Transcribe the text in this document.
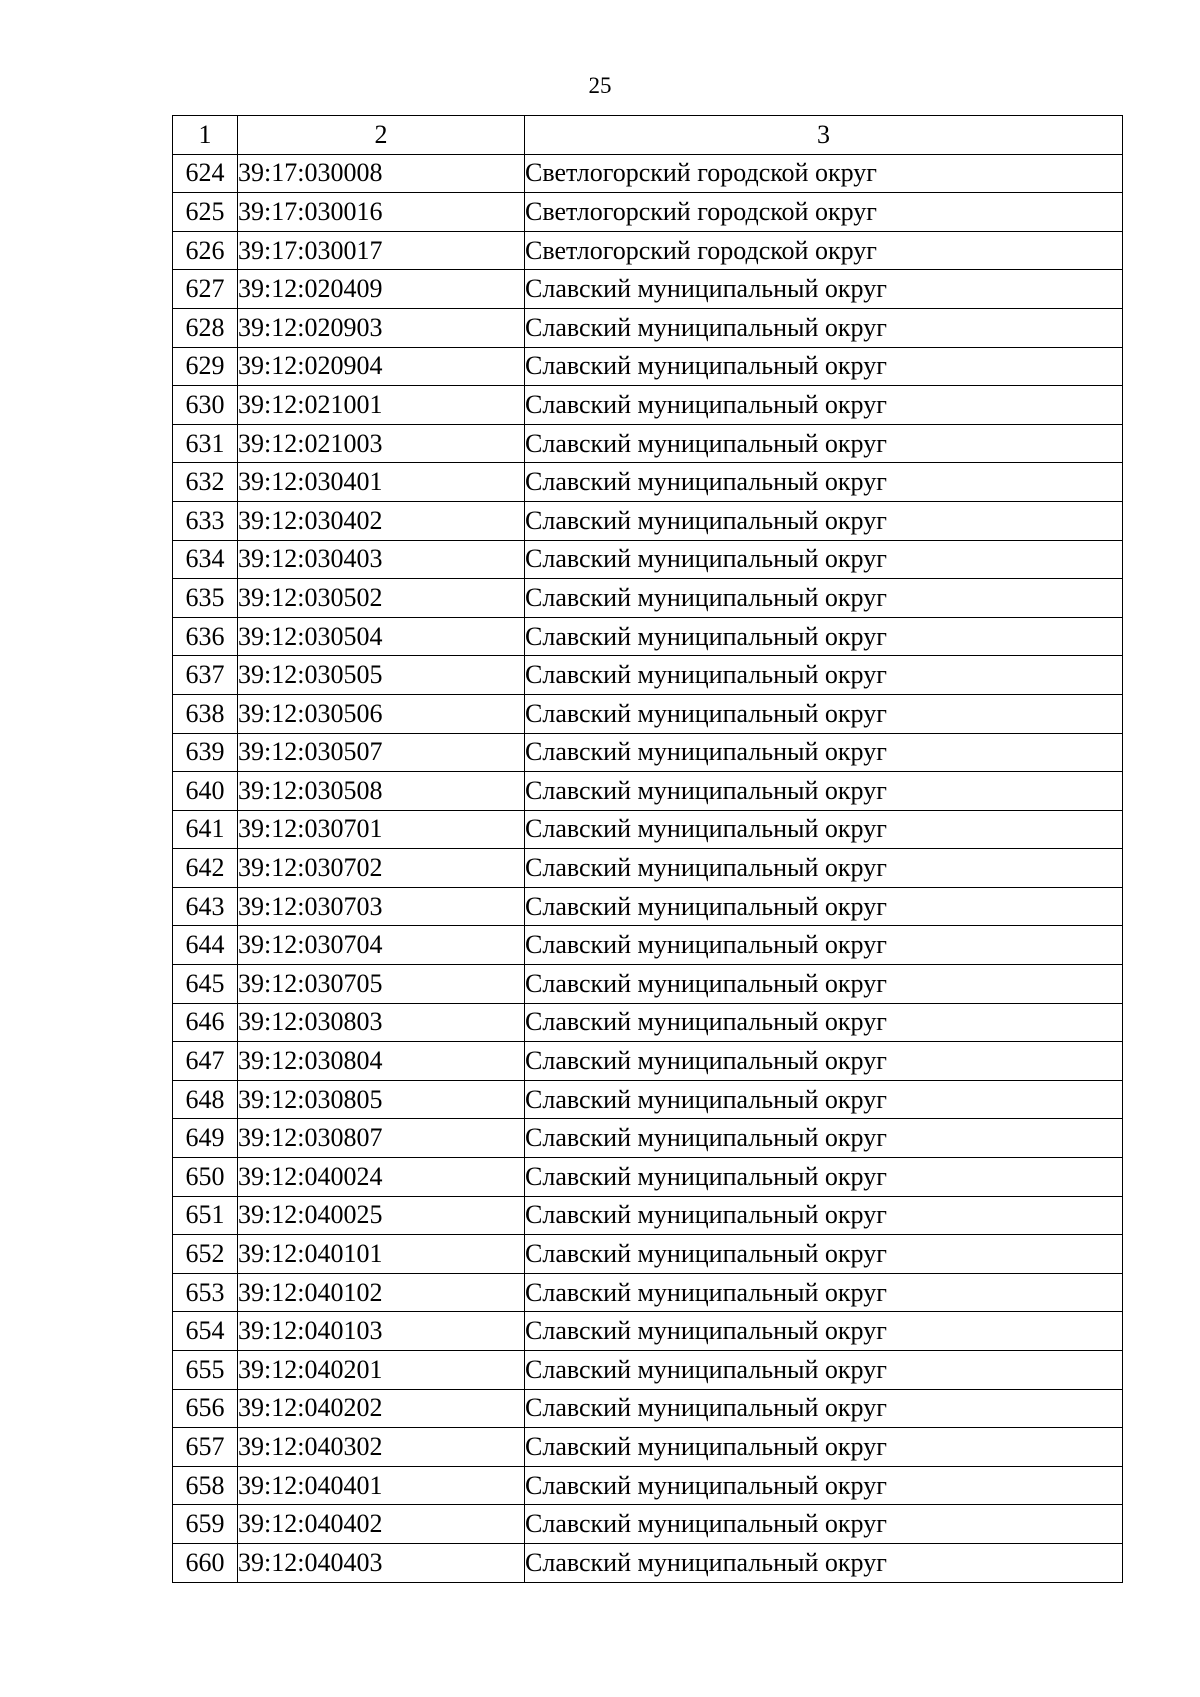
25
1	2	3
624	39:17:030008	Светлогорский городской округ
625	39:17:030016	Светлогорский городской округ
626	39:17:030017	Светлогорский городской округ
627	39:12:020409	Славский муниципальный округ
628	39:12:020903	Славский муниципальный округ
629	39:12:020904	Славский муниципальный округ
630	39:12:021001	Славский муниципальный округ
631	39:12:021003	Славский муниципальный округ
632	39:12:030401	Славский муниципальный округ
633	39:12:030402	Славский муниципальный округ
634	39:12:030403	Славский муниципальный округ
635	39:12:030502	Славский муниципальный округ
636	39:12:030504	Славский муниципальный округ
637	39:12:030505	Славский муниципальный округ
638	39:12:030506	Славский муниципальный округ
639	39:12:030507	Славский муниципальный округ
640	39:12:030508	Славский муниципальный округ
641	39:12:030701	Славский муниципальный округ
642	39:12:030702	Славский муниципальный округ
643	39:12:030703	Славский муниципальный округ
644	39:12:030704	Славский муниципальный округ
645	39:12:030705	Славский муниципальный округ
646	39:12:030803	Славский муниципальный округ
647	39:12:030804	Славский муниципальный округ
648	39:12:030805	Славский муниципальный округ
649	39:12:030807	Славский муниципальный округ
650	39:12:040024	Славский муниципальный округ
651	39:12:040025	Славский муниципальный округ
652	39:12:040101	Славский муниципальный округ
653	39:12:040102	Славский муниципальный округ
654	39:12:040103	Славский муниципальный округ
655	39:12:040201	Славский муниципальный округ
656	39:12:040202	Славский муниципальный округ
657	39:12:040302	Славский муниципальный округ
658	39:12:040401	Славский муниципальный округ
659	39:12:040402	Славский муниципальный округ
660	39:12:040403	Славский муниципальный округ
